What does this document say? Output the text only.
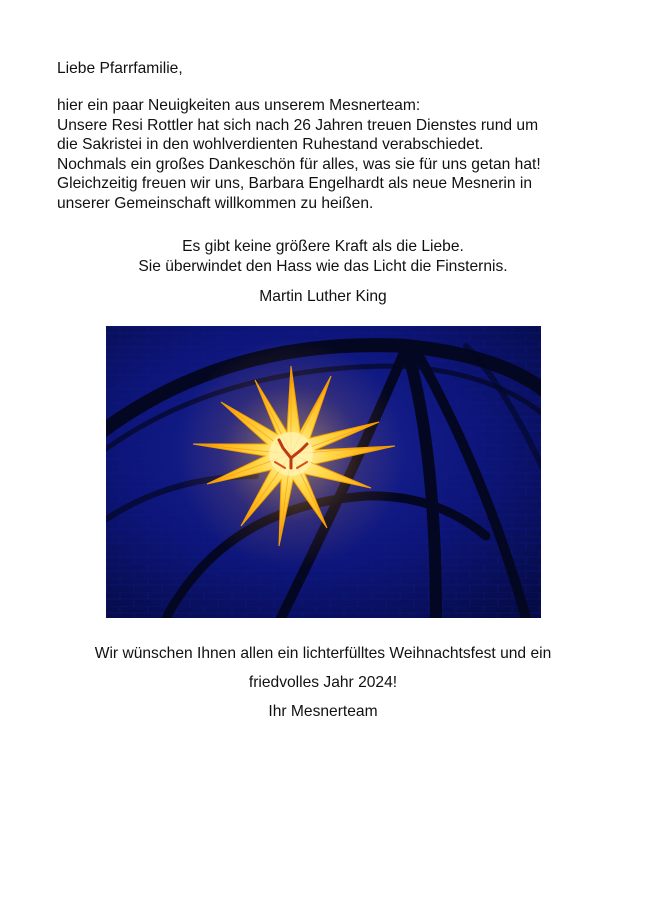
Liebe Pfarrfamilie,

hier ein paar Neuigkeiten aus unserem Mesnerteam:
Unsere Resi Rottler hat sich nach 26 Jahren treuen Dienstes rund um
die Sakristei in den wohlverdienten Ruhestand verabschiedet.
Nochmals ein großes Dankeschön für alles, was sie für uns getan hat!
Gleichzeitig freuen wir uns, Barbara Engelhardt als neue Mesnerin in
unserer Gemeinschaft willkommen zu heißen.

Es gibt keine größere Kraft als die Liebe.

Sie überwindet den Hass wie das Licht die Finsternis.

Martin Luther King

Wir wünschen Ihnen allen ein lichterfülltes Weihnachtsfest und ein

friedvolles Jahr 2024!

Ihr Mesnerteam
